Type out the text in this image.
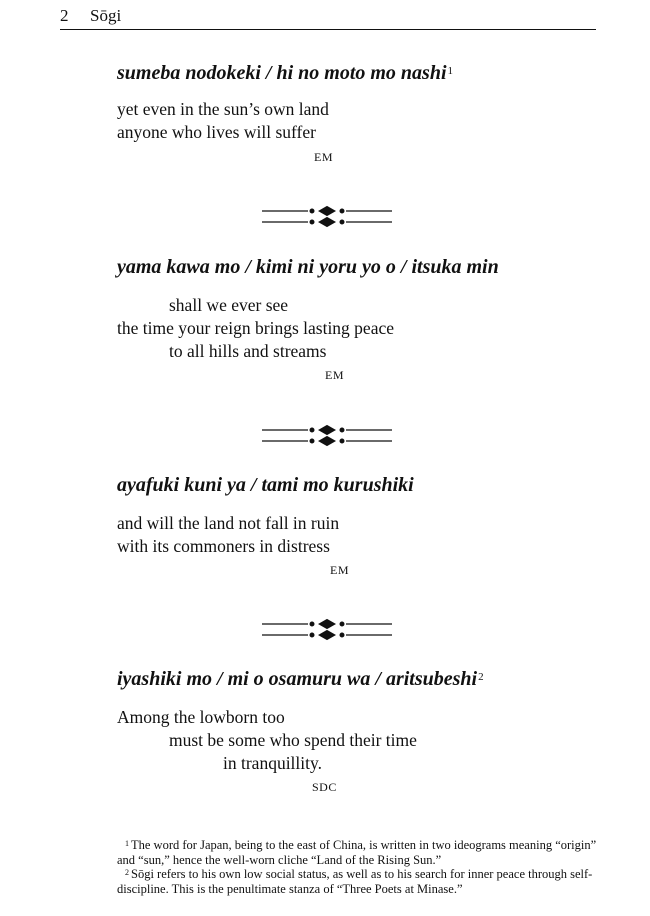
2 Sōgi

sumeba nodokeki / hi no moto mo nashi$^1$

yet even in the sun’s own land
anyone who lives will suffer
EM

yama kawa mo / kimi ni yoru yo o / itsuka min

shall we ever see
the time your reign brings lasting peace
to all hills and streams
EM

ayafuki kuni ya / tami mo kurushiki

and will the land not fall in ruin
with its commoners in distress
EM

iyashiki mo / mi o osamuru wa / aritsubeshi$^2$

Among the lowborn too
must be some who spend their time
in tranquillity.
SDC

$^1$ The word for Japan, being to the east of China, is written in two ideograms meaning “origin” and “sun,” hence the well-worn cliche “Land of the Rising Sun.”

$^2$ Sōgi refers to his own low social status, as well as to his search for inner peace through self-discipline. This is the penultimate stanza of “Three Poets at Minase.”
